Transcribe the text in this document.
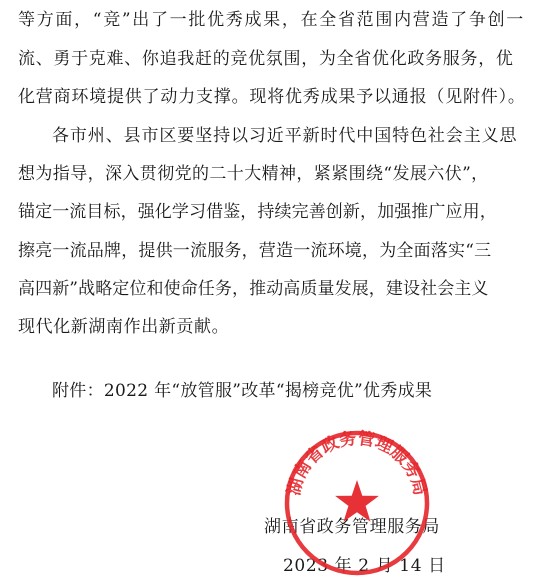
等方面，“竞”出了一批优秀成果，在全省范围内营造了争创一
流、勇于克难、你追我赶的竞优氛围，为全省优化政务服务，优
化营商环境提供了动力支撑。现将优秀成果予以通报（见附件）。
各市州、县市区要坚持以习近平新时代中国特色社会主义思
想为指导，深入贯彻党的二十大精神，紧紧围绕“发展六伏”，
锚定一流目标，强化学习借鉴，持续完善创新，加强推广应用，
擦亮一流品牌，提供一流服务，营造一流环境，为全面落实“三
高四新”战略定位和使命任务，推动高质量发展，建设社会主义
现代化新湖南作出新贡献。
附件：2022 年“放管服”改革“揭榜竞优”优秀成果
湖南省政务管理服务局
2023 年 2 月 14 日
湖南省政务管理服务局
